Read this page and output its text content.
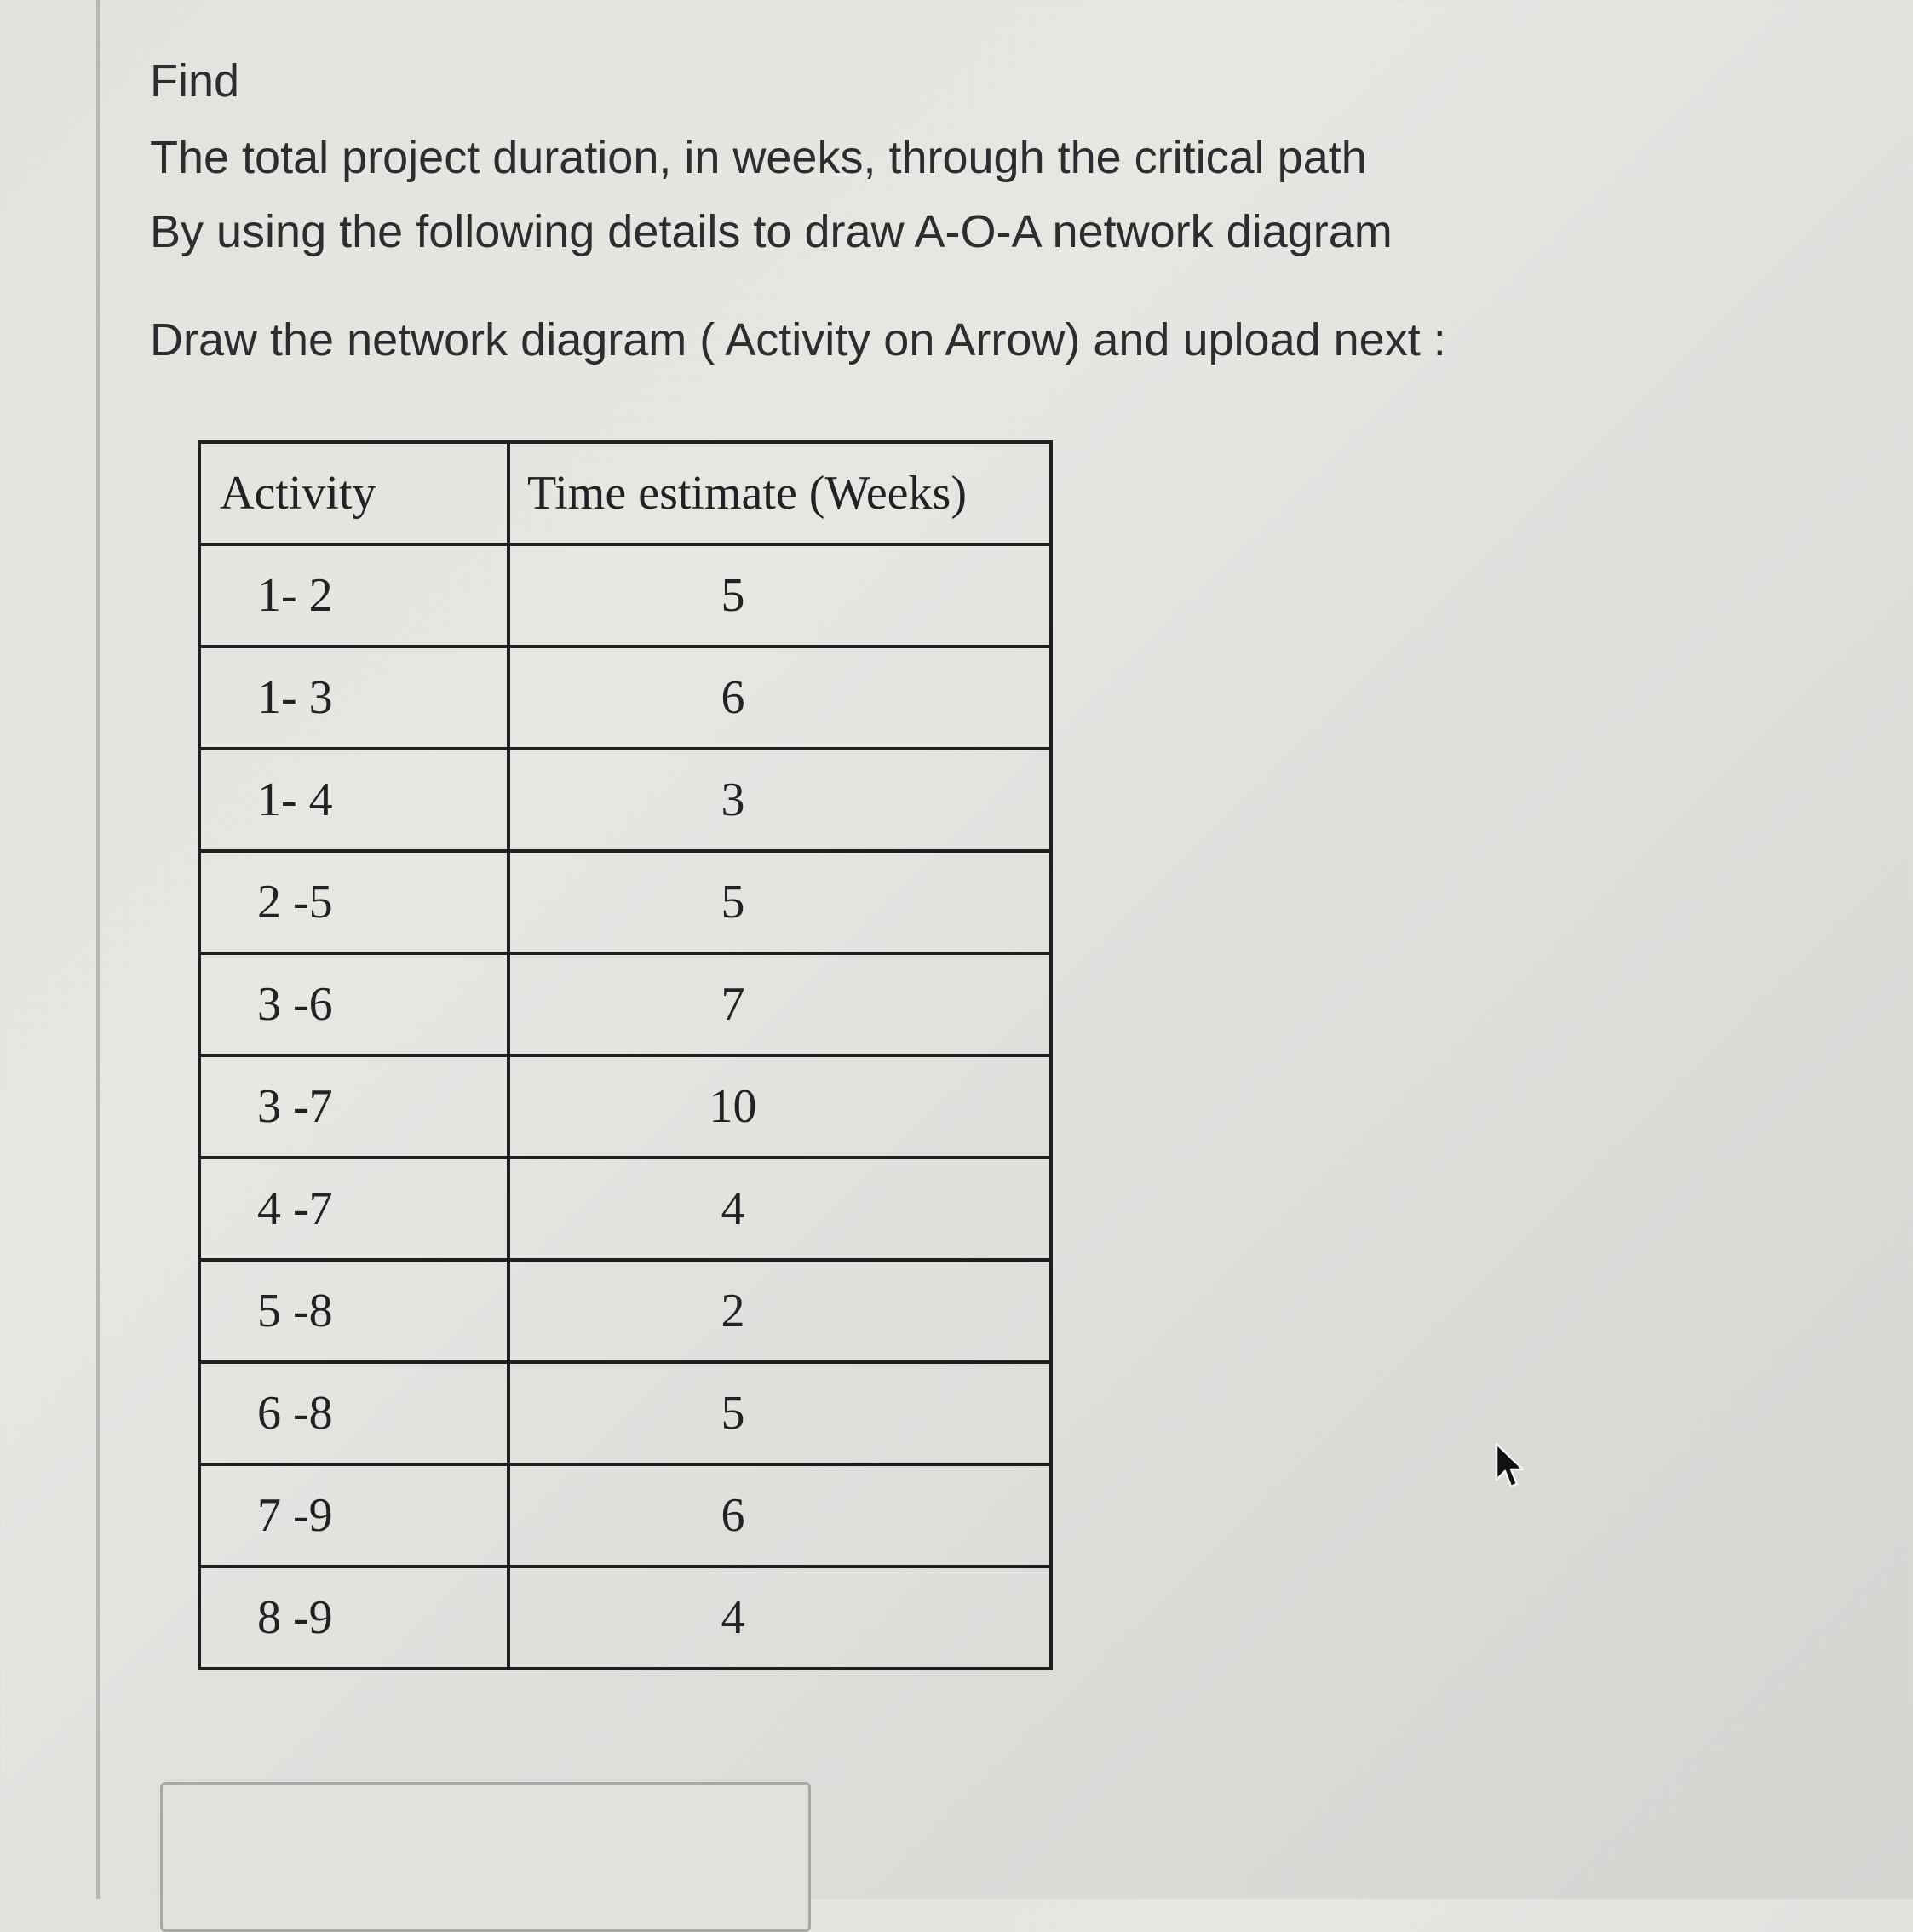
Find
The total project duration, in weeks, through the critical path
By using the following details to draw A-O-A network diagram
Draw the network diagram ( Activity on Arrow) and upload next :
Activity	Time estimate (Weeks)
1- 2	5
1- 3	6
1- 4	3
2 -5	5
3 -6	7
3 -7	10
4 -7	4
5 -8	2
6 -8	5
7 -9	6
8 -9	4
